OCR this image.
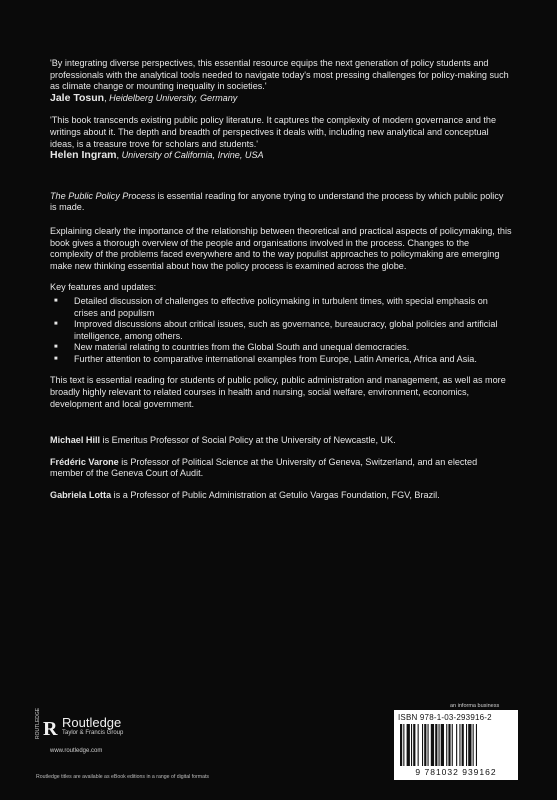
'By integrating diverse perspectives, this essential resource equips the next generation of policy students and professionals with the analytical tools needed to navigate today's most pressing challenges for policy-making such as climate change or mounting inequality in societies.'

Jale Tosun, Heidelberg University, Germany

'This book transcends existing public policy literature. It captures the complexity of modern governance and the writings about it. The depth and breadth of perspectives it deals with, including new analytical and conceptual ideas, is a treasure trove for scholars and students.'

Helen Ingram, University of California, Irvine, USA

The Public Policy Process is essential reading for anyone trying to understand the process by which public policy is made.

Explaining clearly the importance of the relationship between theoretical and practical aspects of policymaking, this book gives a thorough overview of the people and organisations involved in the process. Changes to the complexity of the problems faced everywhere and to the way populist approaches to policymaking are emerging make new thinking essential about how the policy process is examined across the globe.

Key features and updates:

■ Detailed discussion of challenges to effective policymaking in turbulent times, with special emphasis on crises and populism
■ Improved discussions about critical issues, such as governance, bureaucracy, global policies and artificial intelligence, among others.
■ New material relating to countries from the Global South and unequal democracies.
■ Further attention to comparative international examples from Europe, Latin America, Africa and Asia.

This text is essential reading for students of public policy, public administration and management, as well as more broadly highly relevant to related courses in health and nursing, social welfare, environment, economics, development and local government.

Michael Hill is Emeritus Professor of Social Policy at the University of Newcastle, UK.

Frédéric Varone is Professor of Political Science at the University of Geneva, Switzerland, and an elected member of the Geneva Court of Audit.

Gabriela Lotta is a Professor of Public Administration at Getulio Vargas Foundation, FGV, Brazil.

ROUTLEDGE R Routledge
Taylor & Francis Group
www.routledge.com
an informa business
ISBN 978-1-03-293916-2
9 781032 939162
Routledge titles are available as eBook editions in a range of digital formats
